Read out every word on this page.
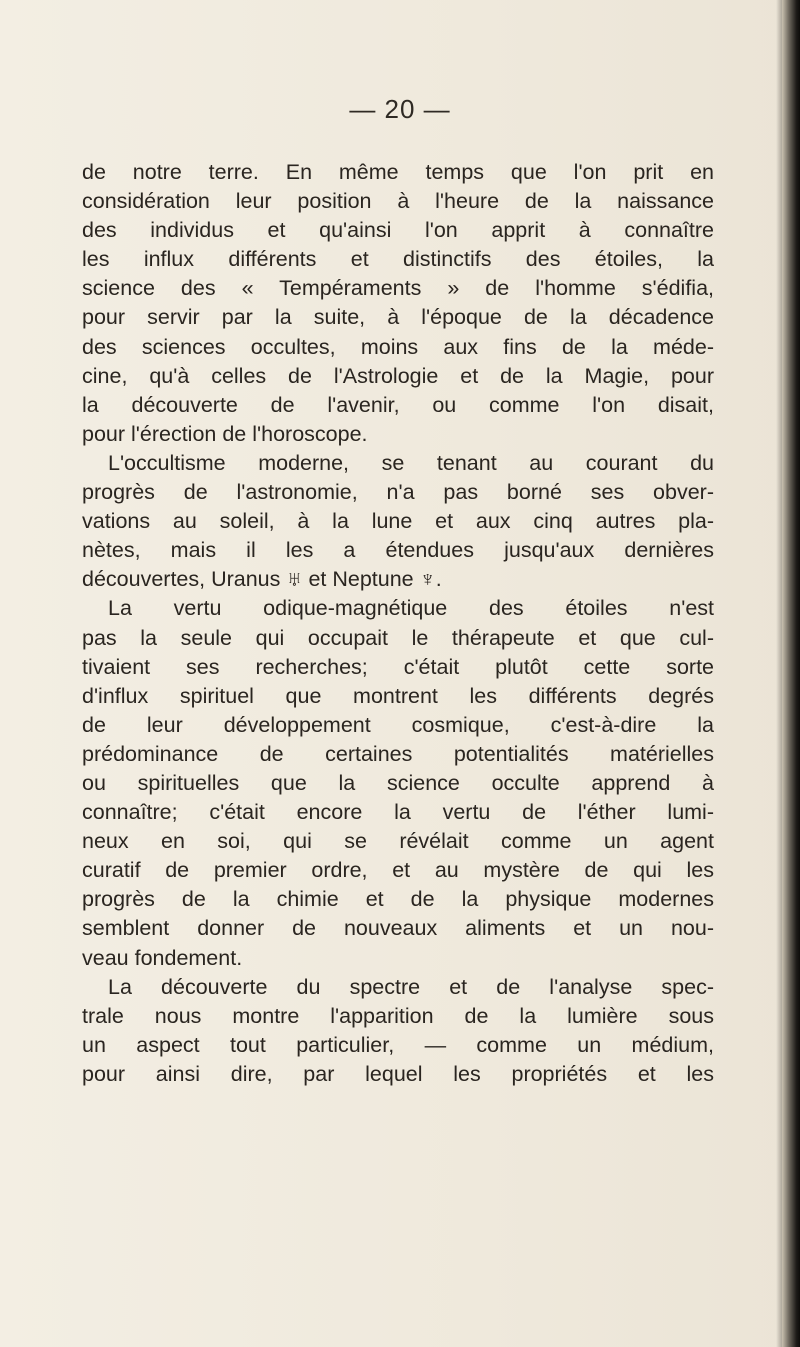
— 20 —
de notre terre. En même temps que l'on prit en
considération leur position à l'heure de la naissance
des individus et qu'ainsi l'on apprit à connaître
les influx différents et distinctifs des étoiles, la
science des « Tempéraments » de l'homme s'édifia,
pour servir par la suite, à l'époque de la décadence
des sciences occultes, moins aux fins de la méde-
cine, qu'à celles de l'Astrologie et de la Magie, pour
la découverte de l'avenir, ou comme l'on disait,
pour l'érection de l'horoscope.
L'occultisme moderne, se tenant au courant du
progrès de l'astronomie, n'a pas borné ses obver-
vations au soleil, à la lune et aux cinq autres pla-
nètes, mais il les a étendues jusqu'aux dernières
découvertes, Uranus ♅ et Neptune ♆.
La vertu odique-magnétique des étoiles n'est
pas la seule qui occupait le thérapeute et que cul-
tivaient ses recherches; c'était plutôt cette sorte
d'influx spirituel que montrent les différents degrés
de leur développement cosmique, c'est-à-dire la
prédominance de certaines potentialités matérielles
ou spirituelles que la science occulte apprend à
connaître; c'était encore la vertu de l'éther lumi-
neux en soi, qui se révélait comme un agent
curatif de premier ordre, et au mystère de qui les
progrès de la chimie et de la physique modernes
semblent donner de nouveaux aliments et un nou-
veau fondement.
La découverte du spectre et de l'analyse spec-
trale nous montre l'apparition de la lumière sous
un aspect tout particulier, — comme un médium,
pour ainsi dire, par lequel les propriétés et les
